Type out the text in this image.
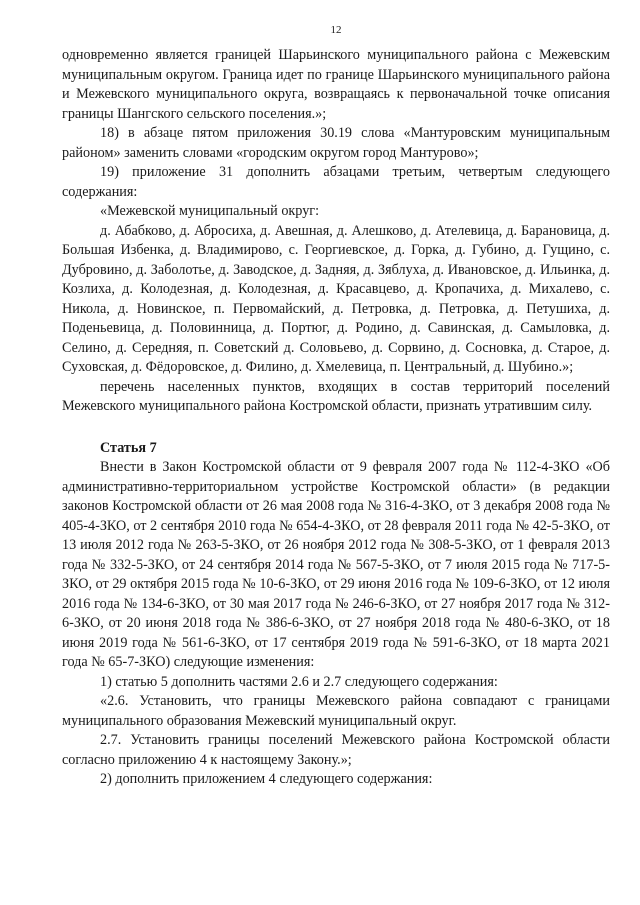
12

одновременно является границей Шарьинского муниципального района с Межевским муниципальным округом. Граница идет по границе Шарьинского муниципального района и Межевского муниципального округа, возвращаясь к первоначальной точке описания границы Шангского сельского поселения.»;

18) в абзаце пятом приложения 30.19 слова «Мантуровским муниципальным районом» заменить словами «городским округом город Мантурово»;

19) приложение 31 дополнить абзацами третьим, четвертым следующего содержания:

«Межевской муниципальный округ:

д. Абабково, д. Абросиха, д. Авешная, д. Алешково, д. Ателевица, д. Барановица, д. Большая Избенка, д. Владимирово, с. Георгиевское, д. Горка, д. Губино, д. Гущино, с. Дубровино, д. Заболотье, д. Заводское, д. Задняя, д. Зяблуха, д. Ивановское, д. Ильинка, д. Козлиха, д. Колодезная, д. Колодезная, д. Красавцево, д. Кропачиха, д. Михалево, с. Никола, д. Новинское, п. Первомайский, д. Петровка, д. Петровка, д. Петушиха, д. Поденьевица, д. Половинница, д. Портюг, д. Родино, д. Савинская, д. Самыловка, д. Селино, д. Середняя, п. Советский д. Соловьево, д. Сорвино, д. Сосновка, д. Старое, д. Суховская, д. Фёдоровское, д. Филино, д. Хмелевица, п. Центральный, д. Шубино.»;

перечень населенных пунктов, входящих в состав территорий поселений Межевского муниципального района Костромской области, признать утратившим силу.

Статья 7

Внести в Закон Костромской области от 9 февраля 2007 года № 112-4-ЗКО «Об административно-территориальном устройстве Костромской области» (в редакции законов Костромской области от 26 мая 2008 года № 316-4-ЗКО, от 3 декабря 2008 года № 405-4-ЗКО, от 2 сентября 2010 года № 654-4-ЗКО, от 28 февраля 2011 года № 42-5-ЗКО, от 13 июля 2012 года № 263-5-ЗКО, от 26 ноября 2012 года № 308-5-ЗКО, от 1 февраля 2013 года № 332-5-ЗКО, от 24 сентября 2014 года № 567-5-ЗКО, от 7 июля 2015 года № 717-5-ЗКО, от 29 октября 2015 года № 10-6-ЗКО, от 29 июня 2016 года № 109-6-ЗКО, от 12 июля 2016 года № 134-6-ЗКО, от 30 мая 2017 года № 246-6-ЗКО, от 27 ноября 2017 года № 312-6-ЗКО, от 20 июня 2018 года № 386-6-ЗКО, от 27 ноября 2018 года № 480-6-ЗКО, от 18 июня 2019 года № 561-6-ЗКО, от 17 сентября 2019 года № 591-6-ЗКО, от 18 марта 2021 года № 65-7-ЗКО) следующие изменения:

1) статью 5 дополнить частями 2.6 и 2.7 следующего содержания:

«2.6. Установить, что границы Межевского района совпадают с границами муниципального образования Межевский муниципальный округ.

2.7. Установить границы поселений Межевского района Костромской области согласно приложению 4 к настоящему Закону.»;

2) дополнить приложением 4 следующего содержания:
